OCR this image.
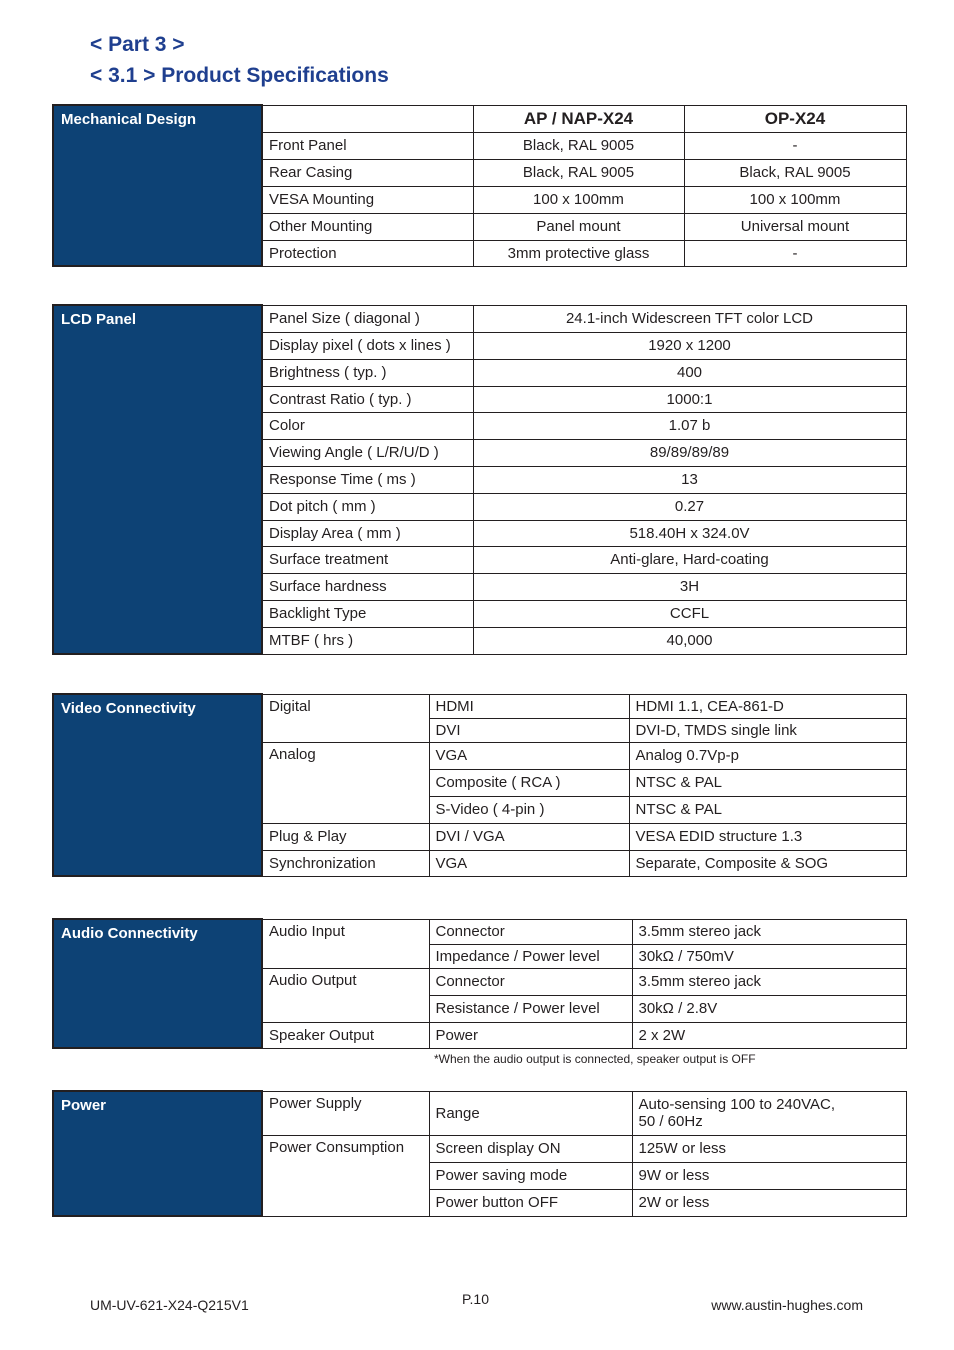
< Part 3 >
< 3.1 > Product Specifications
Mechanical Design		AP / NAP-X24	OP-X24
	Front Panel	Black, RAL 9005	-
	Rear Casing	Black, RAL 9005	Black, RAL 9005
	VESA Mounting	100 x 100mm	100 x 100mm
	Other Mounting	Panel mount	Universal mount
	Protection	3mm protective glass	-
LCD Panel	Panel Size ( diagonal )	24.1-inch Widescreen TFT color LCD
	Display pixel ( dots x lines )	1920 x 1200
	Brightness ( typ. )	400
	Contrast Ratio ( typ. )	1000:1
	Color	1.07 b
	Viewing Angle ( L/R/U/D )	89/89/89/89
	Response Time ( ms )	13
	Dot pitch ( mm )	0.27
	Display Area ( mm )	518.40H x 324.0V
	Surface treatment	Anti-glare, Hard-coating
	Surface hardness	3H
	Backlight Type	CCFL
	MTBF ( hrs )	40,000
Video Connectivity	Digital	HDMI	HDMI 1.1, CEA-861-D
		DVI	DVI-D, TMDS single link
	Analog	VGA	Analog 0.7Vp-p
		Composite ( RCA )	NTSC & PAL
		S-Video ( 4-pin )	NTSC & PAL
	Plug & Play	DVI / VGA	VESA EDID structure 1.3
	Synchronization	VGA	Separate, Composite & SOG
Audio Connectivity	Audio Input	Connector	3.5mm stereo jack
		Impedance / Power level	30kΩ / 750mV
	Audio Output	Connector	3.5mm stereo jack
		Resistance / Power level	30kΩ / 2.8V
	Speaker Output	Power	2 x 2W

*When the audio output is connected, speaker output is OFF

Power	Power Supply	Range	Auto-sensing 100 to 240VAC,
50 / 60Hz

	Power Consumption	Screen display ON	125W or less
		Power saving mode	9W or less
		Power button OFF	2W or less

UM-UV-621-X24-Q215V1	P.10	www.austin-hughes.com
